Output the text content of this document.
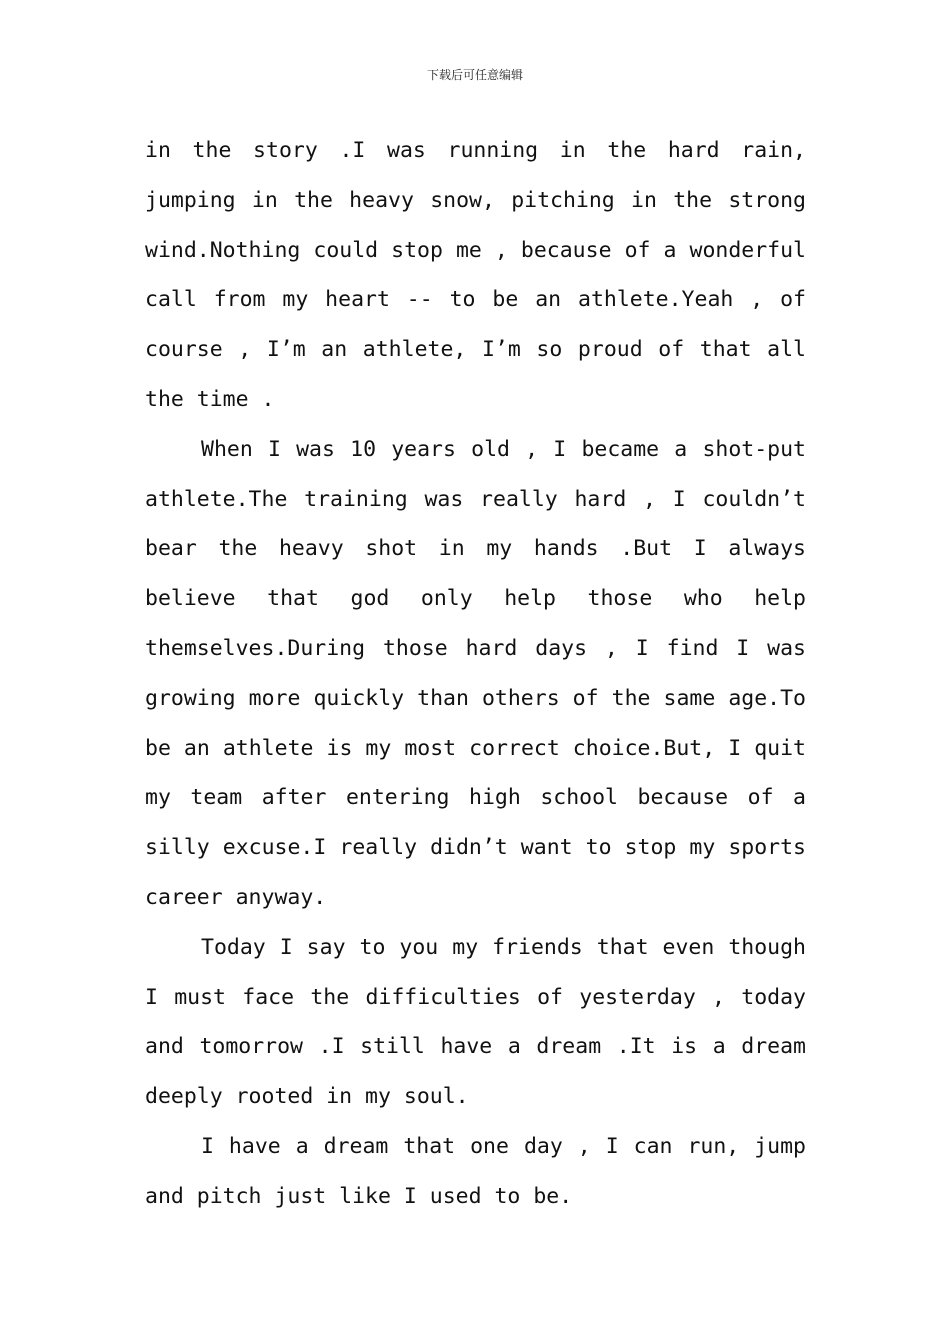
下载后可任意编辑

in the story .I was running in the hard rain, jumping in the heavy snow, pitching in the strong wind.Nothing could stop me , because of a wonderful call from my heart -- to be an athlete.Yeah , of course , I’m an athlete, I’m so proud of that all the time .

When I was 10 years old , I became a shot-put athlete.The training was really hard , I couldn’t bear the heavy shot in my hands .But I always believe that god only help those who help themselves.During those hard days , I find I was growing more quickly than others of the same age.To be an athlete is my most correct choice.But, I quit my team after entering high school because of a silly excuse.I really didn’t want to stop my sports career anyway.

Today I say to you my friends that even though I must face the difficulties of yesterday , today and tomorrow .I still have a dream .It is a dream deeply rooted in my soul.

I have a dream that one day , I can run, jump and pitch just like I used to be.
